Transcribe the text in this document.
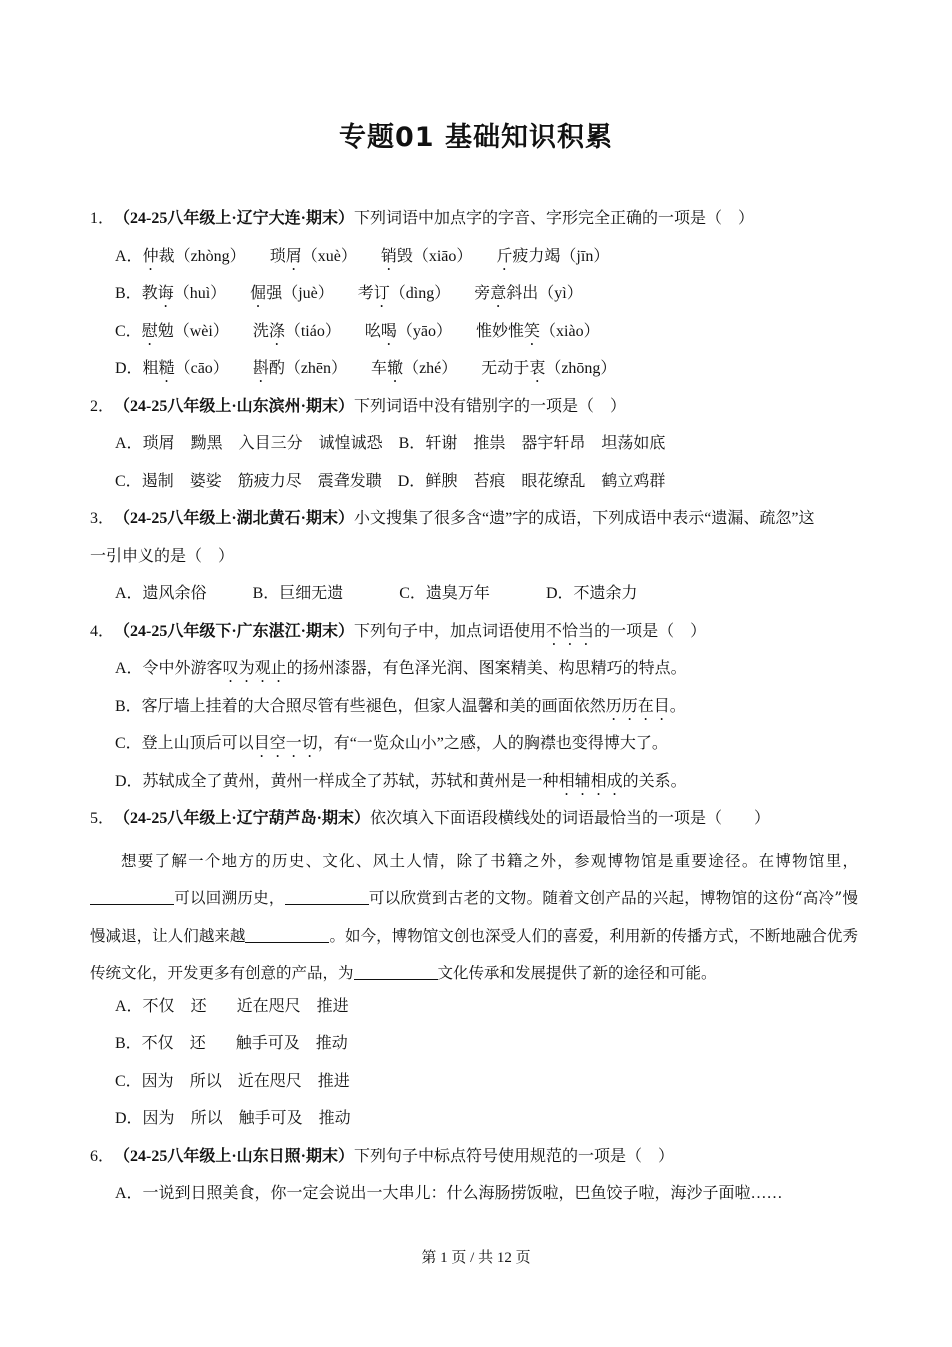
专题01 基础知识积累
1．（24-25八年级上·辽宁大连·期末）下列词语中加点字的字音、字形完全正确的一项是（　）
A．仲裁（zhòng） 琐屑（xuè） 销毁（xiāo） 斤疲力竭（jīn）
B．教诲（huì） 倔强（juè） 考订（dìng） 旁意斜出（yì）
C．慰勉（wèi） 洗涤（tiáo） 吆喝（yāo） 惟妙惟笑（xiào）
D．粗糙（cāo） 斟酌（zhēn） 车辙（zhé） 无动于衷（zhōng）
2．（24-25八年级上·山东滨州·期末）下列词语中没有错别字的一项是（　）
A．琐屑 黝黑 入目三分 诚惶诚恐 B．轩谢 推祟 器宇轩昂 坦荡如底
C．遏制 婆娑 筋疲力尽 震聋发聩 D．鲜腴 苔痕 眼花缭乱 鹤立鸡群
3．（24-25八年级上·湖北黄石·期末）小文搜集了很多含“遗”字的成语，下列成语中表示“遗漏、疏忽”这
一引申义的是（　）
A．遗风余俗	B．巨细无遗	C．遗臭万年	D．不遗余力
4．（24-25八年级下·广东湛江·期末）下列句子中，加点词语使用不恰当的一项是（　）
A．令中外游客叹为观止的扬州漆器，有色泽光润、图案精美、构思精巧的特点。
B．客厅墙上挂着的大合照尽管有些褪色，但家人温馨和美的画面依然历历在目。
C．登上山顶后可以目空一切，有“一览众山小”之感，人的胸襟也变得博大了。
D．苏轼成全了黄州，黄州一样成全了苏轼，苏轼和黄州是一种相辅相成的关系。
5．（24-25八年级上·辽宁葫芦岛·期末）依次填入下面语段横线处的词语最恰当的一项是（　　）

想要了解一个地方的历史、文化、风土人情，除了书籍之外，参观博物馆是重要途径。在博物馆里，可以回溯历史，	可以欣赏到古老的文物。随着文创产品的兴起，博物馆的这份“高冷”慢慢减退，让人们越来越	。如今，博物馆文创也深受人们的喜爱，利用新的传播方式，不断地融合优秀传统文化，开发更多有创意的产品，为	文化传承和发展提供了新的途径和可能。

A．不仅 还 近在咫尺 推进
B．不仅 还 触手可及 推动
C．因为 所以 近在咫尺 推进
D．因为 所以 触手可及 推动
6．（24-25八年级上·山东日照·期末）下列句子中标点符号使用规范的一项是（　）
A．一说到日照美食，你一定会说出一大串儿：什么海肠捞饭啦，巴鱼饺子啦，海沙子面啦……
第 1 页 / 共 12 页
